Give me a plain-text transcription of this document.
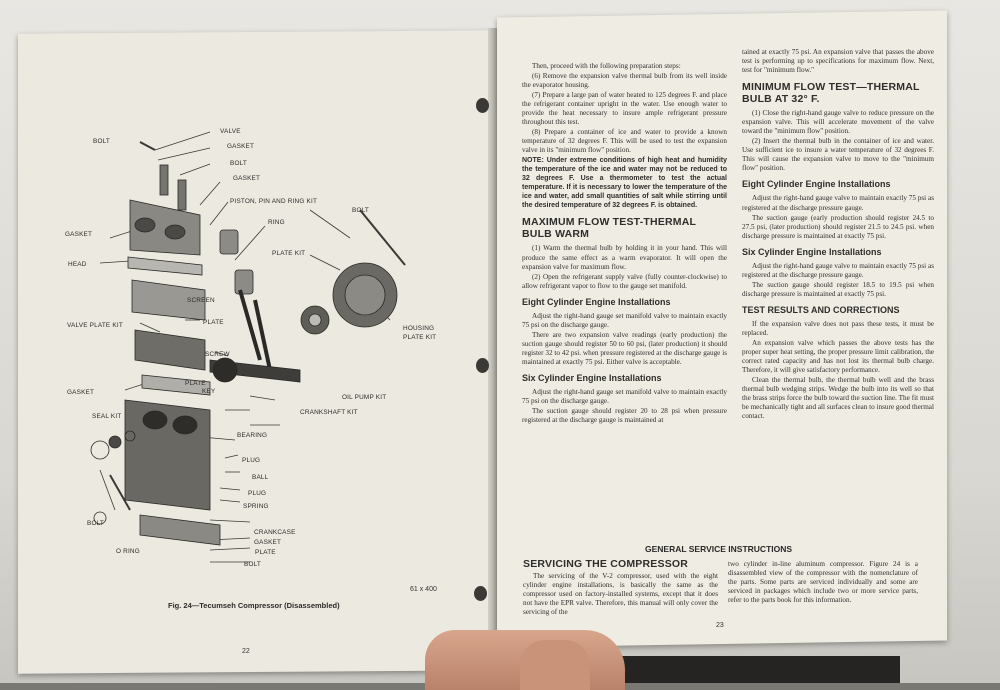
VALVE
BOLT
GASKET
BOLT
GASKET
PISTON, PIN AND RING KIT
RING
BOLT
GASKET
PLATE KIT
HEAD
SCREEN
PLATE
VALVE PLATE KIT	HOUSING
PLATE KIT
SCREW
PLATE
KEY
OIL PUMP KIT
GASKET
CRANKSHAFT KIT
SEAL KIT
BEARING
PLUG
BALL
PLUG
SPRING
BOLT
CRANKCASE
O RING
GASKET
PLATE
BOLT
61 x 400
Fig. 24—Tecumseh Compressor (Disassembled)
22

Then, proceed with the following preparation steps:

(6) Remove the expansion valve thermal bulb from its well inside the evaporator housing.

(7) Prepare a large pan of water heated to 125 degrees F. and place the refrigerant container upright in the water. Use enough water to provide the heat necessary to insure ample refrigerant pressure throughout this test.

(8) Prepare a container of ice and water to provide a known temperature of 32 degrees F. This will be used to test the expansion valve in its "minimum flow" position.

NOTE: Under extreme conditions of high heat and humidity the temperature of the ice and water may not be reduced to 32 degrees F. Use a thermometer to test the actual temperature. If it is necessary to lower the temperature of the ice and water, add small quantities of salt while stirring until the desired temperature of 32 degrees F. is obtained.

MAXIMUM FLOW TEST-THERMAL BULB WARM

(1) Warm the thermal bulb by holding it in your hand. This will produce the same effect as a warm evaporator. It will open the expansion valve for maximum flow.

(2) Open the refrigerant supply valve (fully counter-clockwise) to allow refrigerant vapor to flow to the gauge set manifold.

Eight Cylinder Engine Installations

Adjust the right-hand gauge set manifold valve to maintain exactly 75 psi on the discharge gauge.

There are two expansion valve readings (early production) the suction gauge should register 50 to 60 psi, (later production) it should register 32 to 42 psi. when pressure registered at the discharge gauge is maintained at exactly 75 psi. Either valve is acceptable.

Six Cylinder Engine Installations

Adjust the right-hand gauge set manifold valve to maintain exactly 75 psi on the discharge gauge.

The suction gauge should register 20 to 28 psi when pressure registered at the discharge gauge is maintained at

tained at exactly 75 psi. An expansion valve that passes the above test is performing up to specifications for maximum flow. Next, test for "minimum flow."

MINIMUM FLOW TEST—THERMAL BULB AT 32° F.

(1) Close the right-hand gauge valve to reduce pressure on the expansion valve. This will accelerate movement of the valve toward the "minimum flow" position.

(2) Insert the thermal bulb in the container of ice and water. Use sufficient ice to insure a water temperature of 32 degrees F. This will cause the expansion valve to move to the "minimum flow" position.

Eight Cylinder Engine Installations

Adjust the right-hand gauge valve to maintain exactly 75 psi as registered at the discharge pressure gauge.

The suction gauge (early production should register 24.5 to 27.5 psi, (later production) should register 21.5 to 24.5 psi. when discharge pressure is maintained at exactly 75 psi.

Six Cylinder Engine Installations

Adjust the right-hand gauge valve to maintain exactly 75 psi as registered at the discharge pressure gauge.

The suction gauge should register 18.5 to 19.5 psi when discharge pressure is maintained at exactly 75 psi.

TEST RESULTS AND CORRECTIONS

If the expansion valve does not pass these tests, it must be replaced.

An expansion valve which passes the above tests has the proper super heat setting, the proper pressure limit calibration, the correct rated capacity and has not lost its thermal bulb charge. Therefore, it will give satisfactory performance.

Clean the thermal bulb, the thermal bulb well and the brass thermal bulb wedging strips. Wedge the bulb into its well so that the brass strips force the bulb toward the suction line. The fit must be mechanically tight and all surfaces clean to insure good thermal contact.

GENERAL SERVICE INSTRUCTIONS
SERVICING THE COMPRESSOR

The servicing of the V-2 compressor, used with the eight cylinder engine installations, is basically the same as the compressor used on factory-installed systems, except that it does not have the EPR valve. Therefore, this manual will only cover the servicing of the

two cylinder in-line aluminum compressor. Figure 24 is a disassembled view of the compressor with the nomenclature of the parts. Some parts are serviced individually and some are serviced in packages which include two or more service parts, refer to the parts book for this information.

23
